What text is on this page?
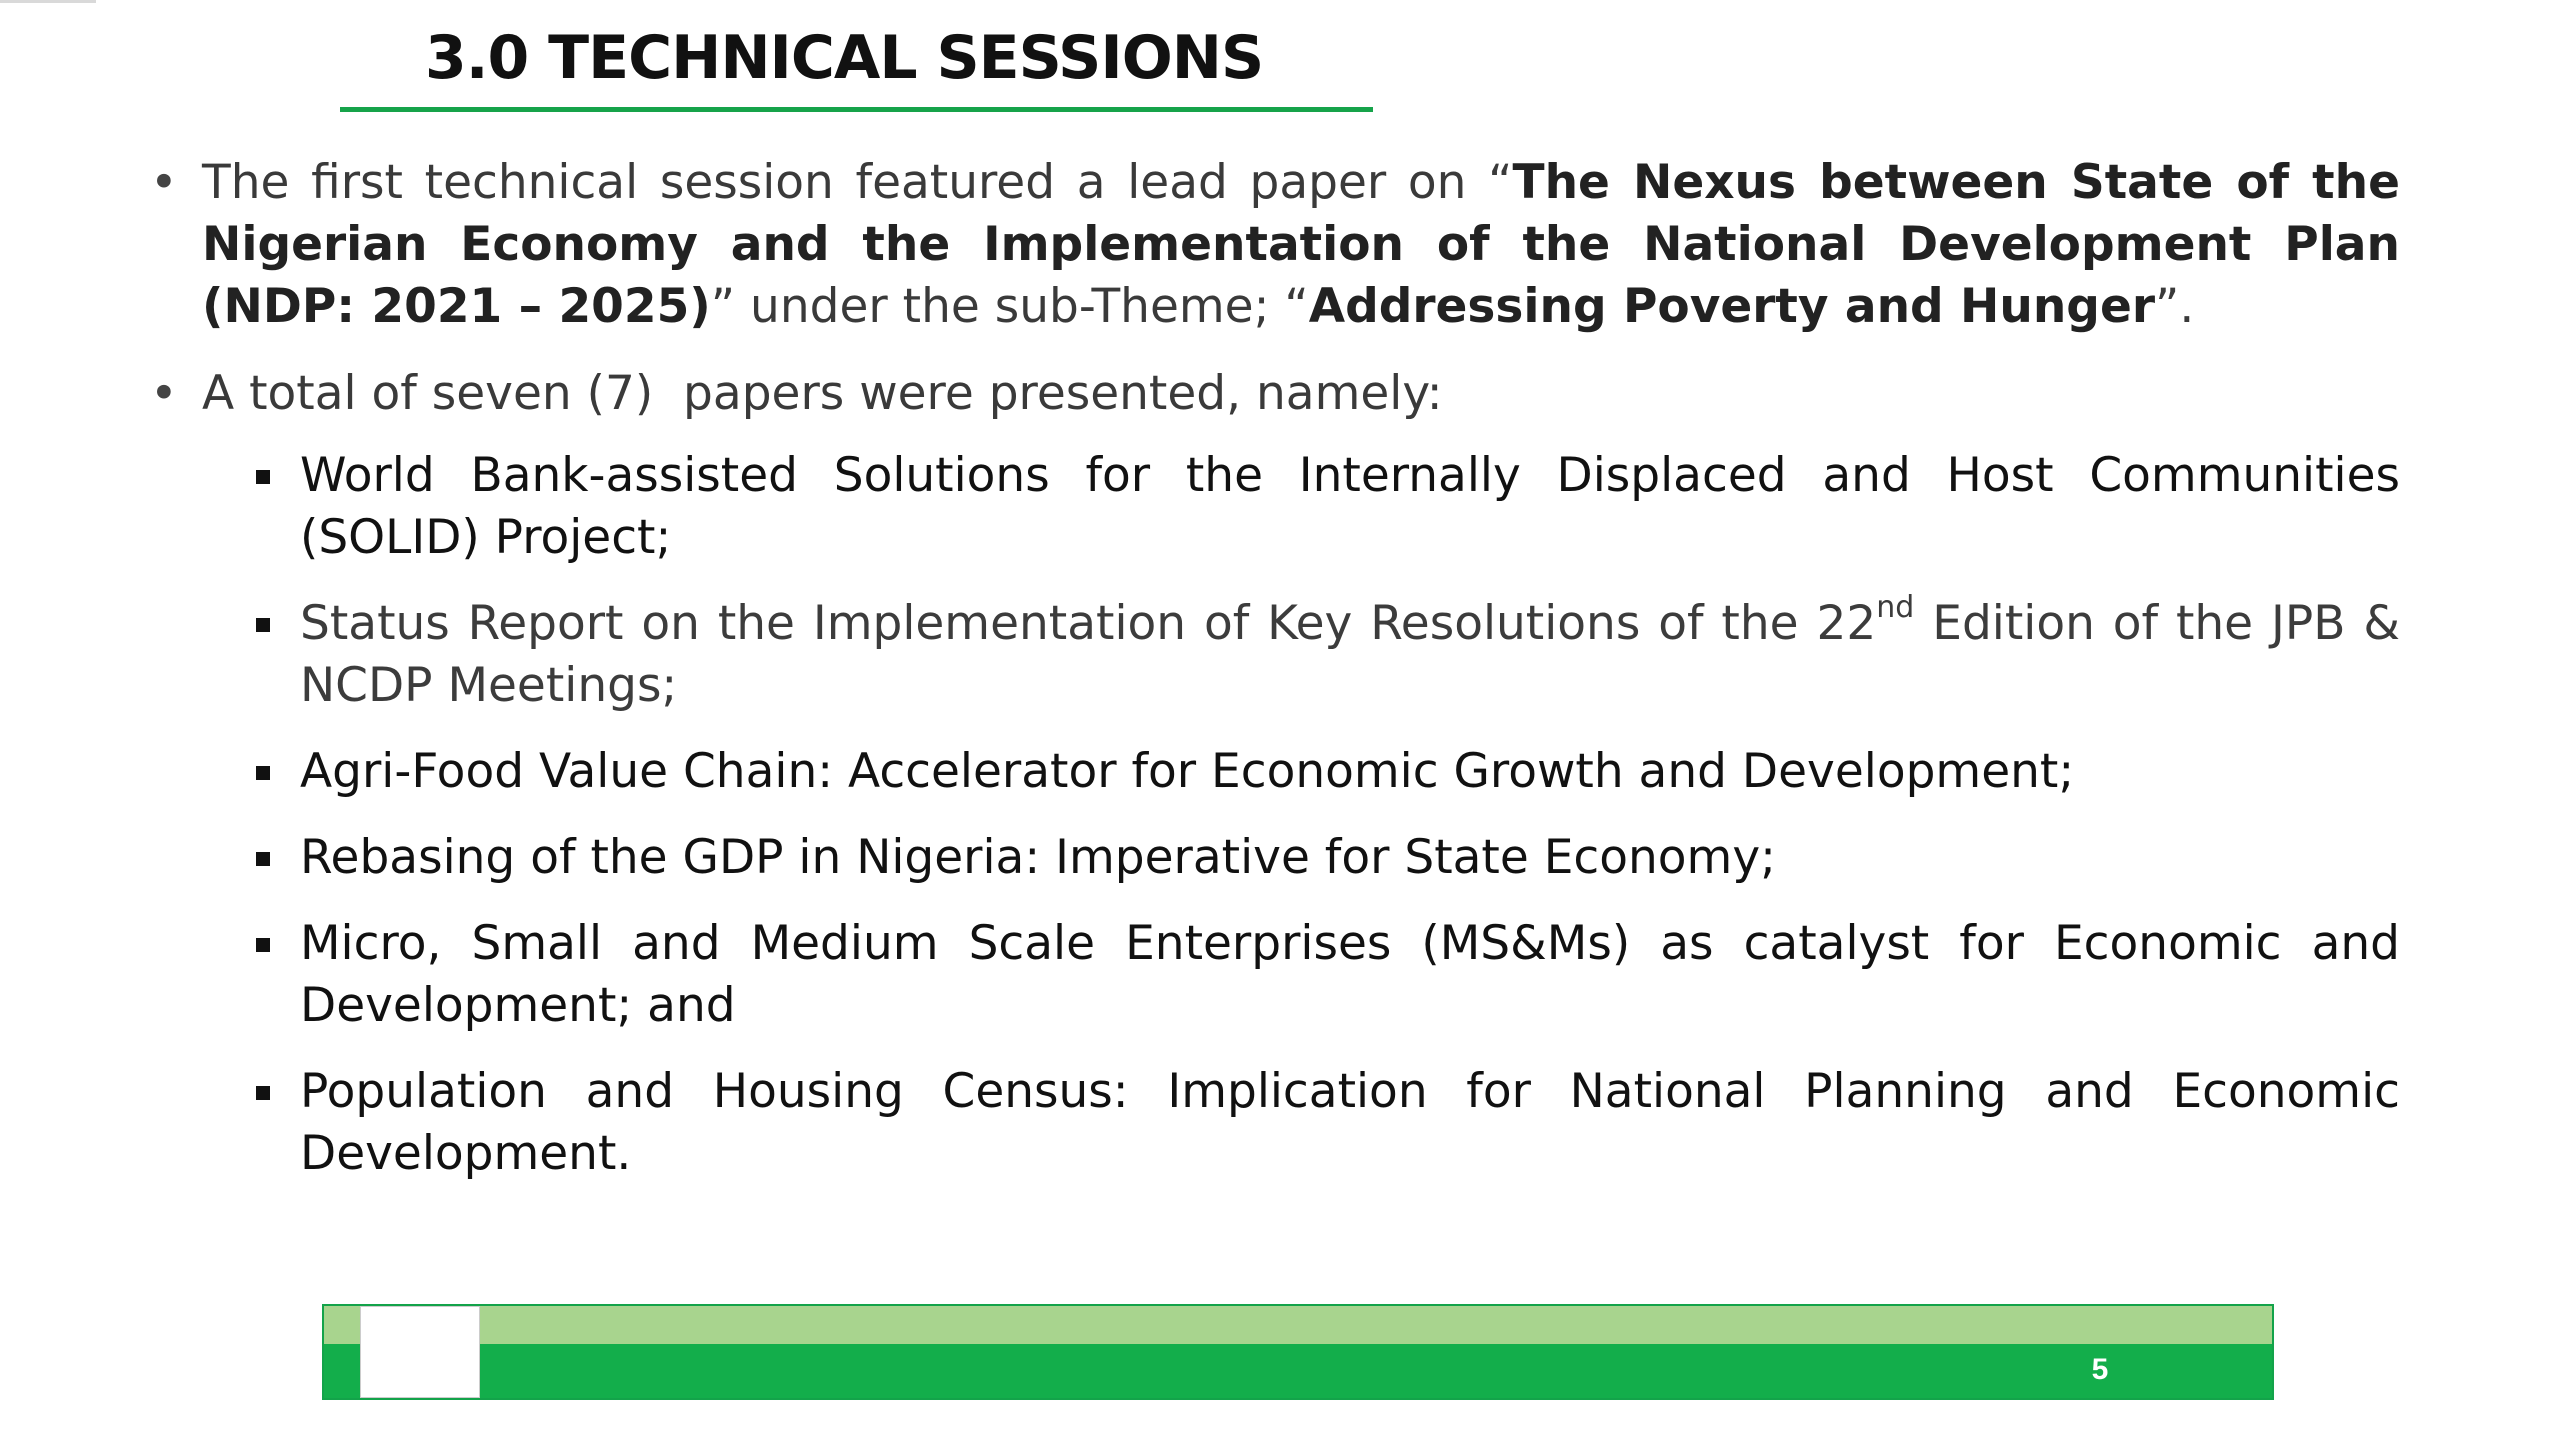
3.0 TECHNICAL SESSIONS
• The first technical session featured a lead paper on “The Nexus between State of the Nigerian Economy and the Implementation of the National Development Plan (NDP: 2021 – 2025)” under the sub-Theme; “Addressing Poverty and Hunger”.
• A total of seven (7)  papers were presented, namely:
World Bank-assisted Solutions for the Internally Displaced and Host Communities (SOLID) Project;
Status Report on the Implementation of Key Resolutions of the 22nd Edition of the JPB & NCDP Meetings;
Agri-Food Value Chain: Accelerator for Economic Growth and Development;
Rebasing of the GDP in Nigeria: Imperative for State Economy;
Micro, Small and Medium Scale Enterprises (MS&Ms) as catalyst for Economic and Development; and
Population and Housing Census: Implication for National Planning and Economic Development.
5
